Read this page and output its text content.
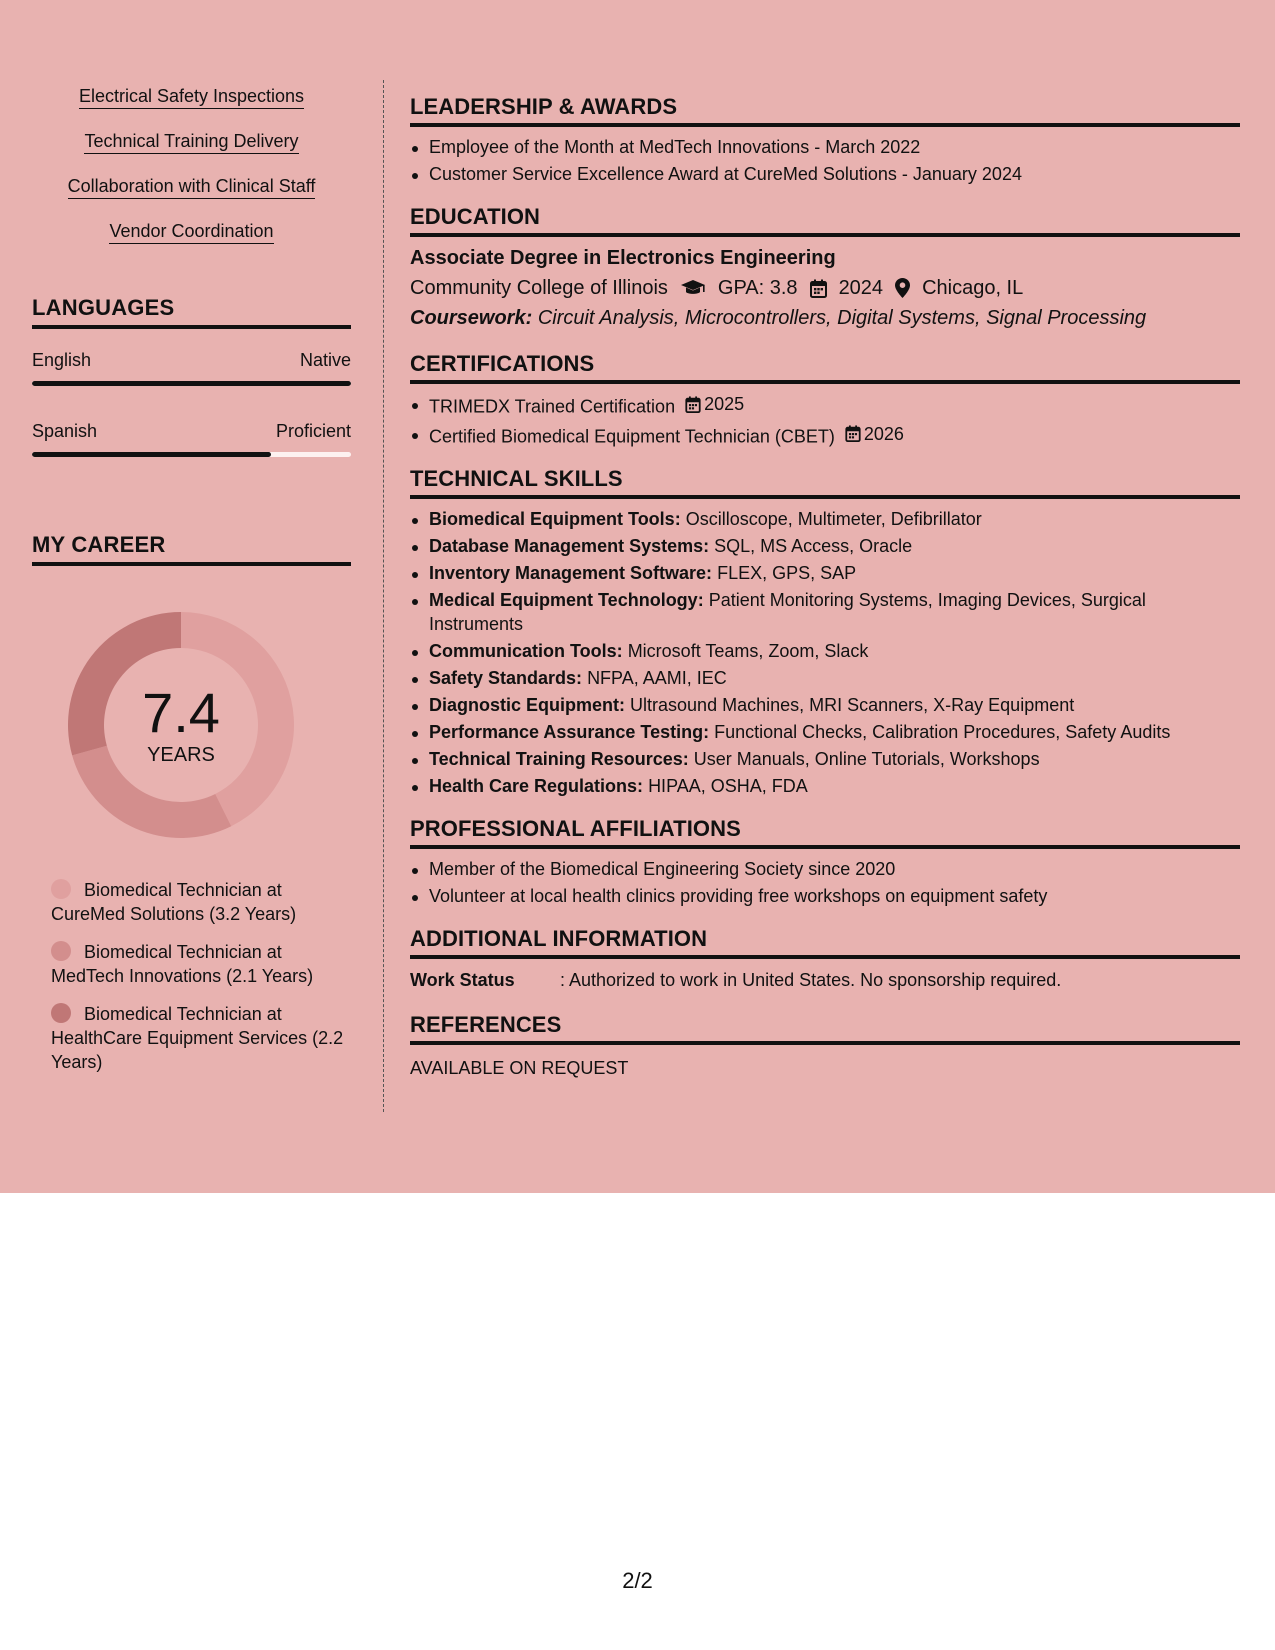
Electrical Safety Inspections
Technical Training Delivery
Collaboration with Clinical Staff
Vendor Coordination
LANGUAGES
English	Native
Spanish	Proficient
MY CAREER
7.4
YEARS
Biomedical Technician at CureMed Solutions (3.2 Years)
Biomedical Technician at MedTech Innovations (2.1 Years)
Biomedical Technician at HealthCare Equipment Services (2.2 Years)
LEADERSHIP & AWARDS
Employee of the Month at MedTech Innovations - March 2022
Customer Service Excellence Award at CureMed Solutions - January 2024
EDUCATION
Associate Degree in Electronics Engineering
Community College of Illinois	GPA: 3.8 2024 Chicago, IL
Coursework: Circuit Analysis, Microcontrollers, Digital Systems, Signal Processing
CERTIFICATIONS
TRIMEDX Trained Certification 2025
Certified Biomedical Equipment Technician (CBET) 2026
TECHNICAL SKILLS
Biomedical Equipment Tools: Oscilloscope, Multimeter, Defibrillator
Database Management Systems: SQL, MS Access, Oracle
Inventory Management Software: FLEX, GPS, SAP
Medical Equipment Technology: Patient Monitoring Systems, Imaging Devices, Surgical Instruments
Communication Tools: Microsoft Teams, Zoom, Slack
Safety Standards: NFPA, AAMI, IEC
Diagnostic Equipment: Ultrasound Machines, MRI Scanners, X-Ray Equipment
Performance Assurance Testing: Functional Checks, Calibration Procedures, Safety Audits
Technical Training Resources: User Manuals, Online Tutorials, Workshops
Health Care Regulations: HIPAA, OSHA, FDA
PROFESSIONAL AFFILIATIONS
Member of the Biomedical Engineering Society since 2020
Volunteer at local health clinics providing free workshops on equipment safety
ADDITIONAL INFORMATION
Work Status	: Authorized to work in United States. No sponsorship required.
REFERENCES
AVAILABLE ON REQUEST
2/2
